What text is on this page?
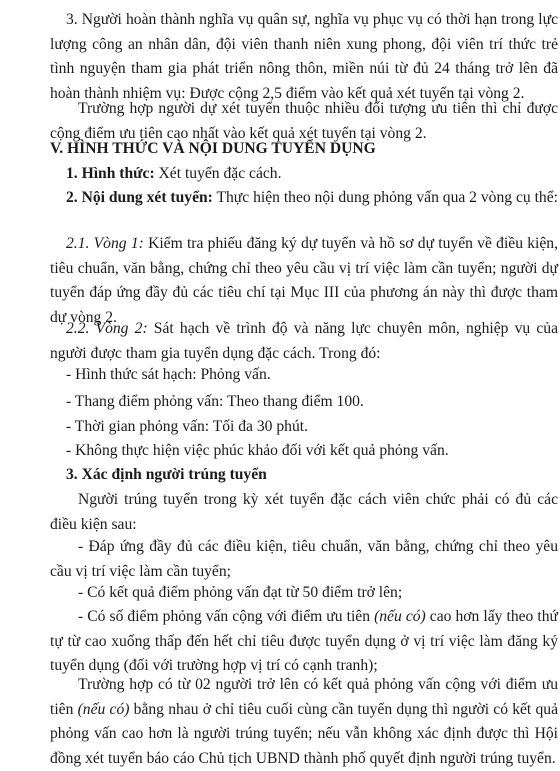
3. Người hoàn thành nghĩa vụ quân sự, nghĩa vụ phục vụ có thời hạn trong lực lượng công an nhân dân, đội viên thanh niên xung phong, đội viên trí thức trẻ tình nguyện tham gia phát triển nông thôn, miền núi từ đủ 24 tháng trở lên đã hoàn thành nhiệm vụ: Được cộng 2,5 điểm vào kết quả xét tuyển tại vòng 2.

Trường hợp người dự xét tuyển thuộc nhiều đối tượng ưu tiên thì chỉ được cộng điểm ưu tiên cao nhất vào kết quả xét tuyển tại vòng 2.

V. HÌNH THỨC VÀ NỘI DUNG TUYỂN DỤNG

1. Hình thức: Xét tuyển đặc cách.

2. Nội dung xét tuyển: Thực hiện theo nội dung phỏng vấn qua 2 vòng cụ thể:

2.1. Vòng 1: Kiểm tra phiếu đăng ký dự tuyển và hồ sơ dự tuyển về điều kiện, tiêu chuẩn, văn bằng, chứng chỉ theo yêu cầu vị trí việc làm cần tuyển; người dự tuyển đáp ứng đầy đủ các tiêu chí tại Mục III của phương án này thì được tham dự vòng 2.

2.2. Vòng 2: Sát hạch về trình độ và năng lực chuyên môn, nghiệp vụ của người được tham gia tuyển dụng đặc cách. Trong đó:

- Hình thức sát hạch: Phỏng vấn.

- Thang điểm phỏng vấn: Theo thang điểm 100.

- Thời gian phỏng vấn: Tối đa 30 phút.

- Không thực hiện việc phúc khảo đối với kết quả phỏng vấn.

3. Xác định người trúng tuyển

Người trúng tuyển trong kỳ xét tuyển đặc cách viên chức phải có đủ các điều kiện sau:

- Đáp ứng đầy đủ các điều kiện, tiêu chuẩn, văn bằng, chứng chỉ theo yêu cầu vị trí việc làm cần tuyển;

- Có kết quả điểm phỏng vấn đạt từ 50 điểm trở lên;

- Có số điểm phỏng vấn cộng với điểm ưu tiên (nếu có) cao hơn lấy theo thứ tự từ cao xuống thấp đến hết chỉ tiêu được tuyển dụng ở vị trí việc làm đăng ký tuyển dụng (đối với trường hợp vị trí có cạnh tranh);

Trường hợp có từ 02 người trở lên có kết quả phỏng vấn cộng với điểm ưu tiên (nếu có) bằng nhau ở chỉ tiêu cuối cùng cần tuyển dụng thì người có kết quả phỏng vấn cao hơn là người trúng tuyển; nếu vẫn không xác định được thì Hội đồng xét tuyển báo cáo Chủ tịch UBND thành phố quyết định người trúng tuyển.
